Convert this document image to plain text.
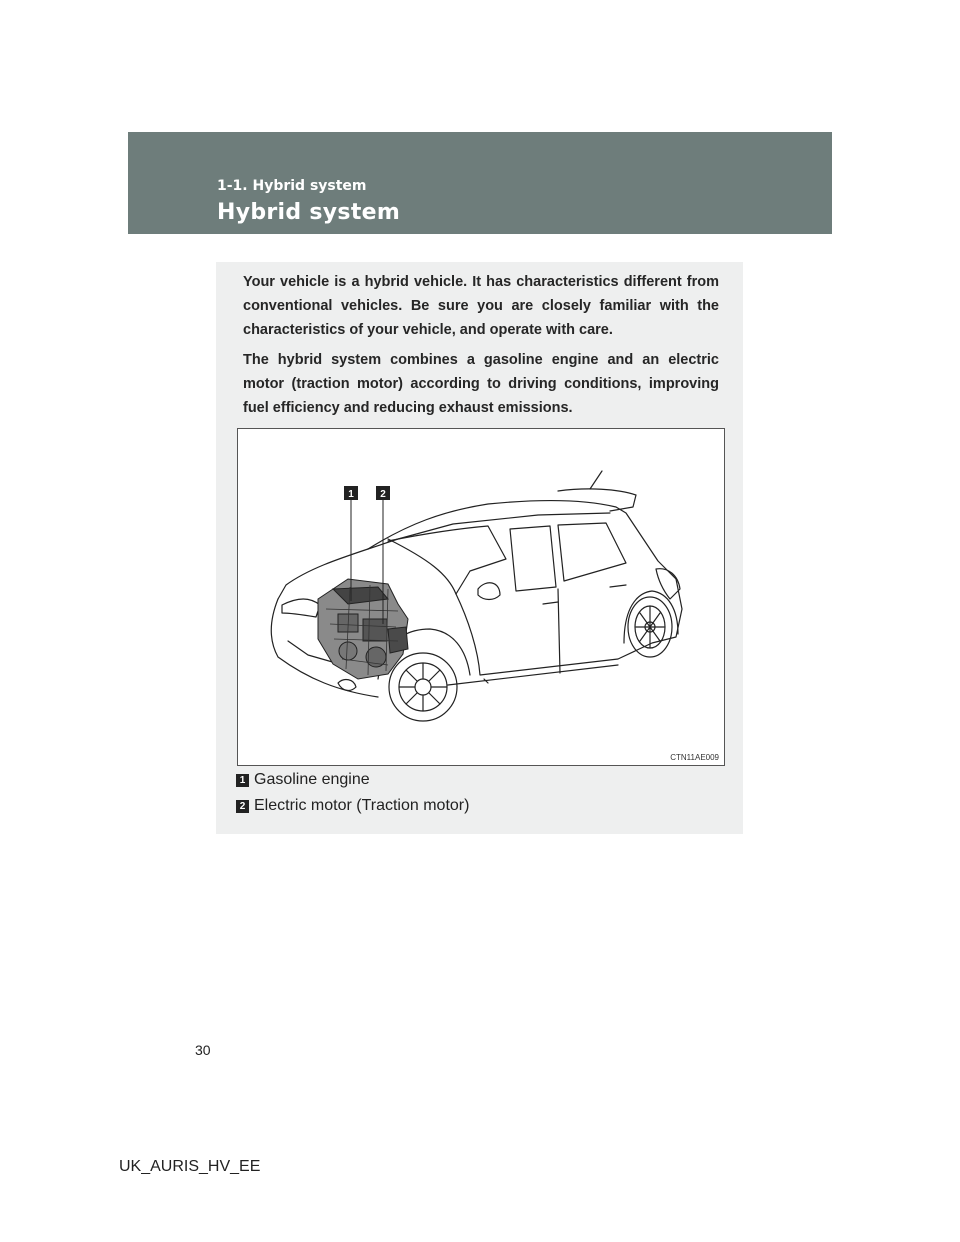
1-1. Hybrid system
Hybrid system

Your vehicle is a hybrid vehicle. It has characteristics different from conventional vehicles. Be sure you are closely familiar with the characteristics of your vehicle, and operate with care.

The hybrid system combines a gasoline engine and an electric motor (traction motor) according to driving conditions, improving fuel efficiency and reducing exhaust emissions.

1	2
CTN11AE009
1 Gasoline engine
2 Electric motor (Traction motor)
30
UK_AURIS_HV_EE
